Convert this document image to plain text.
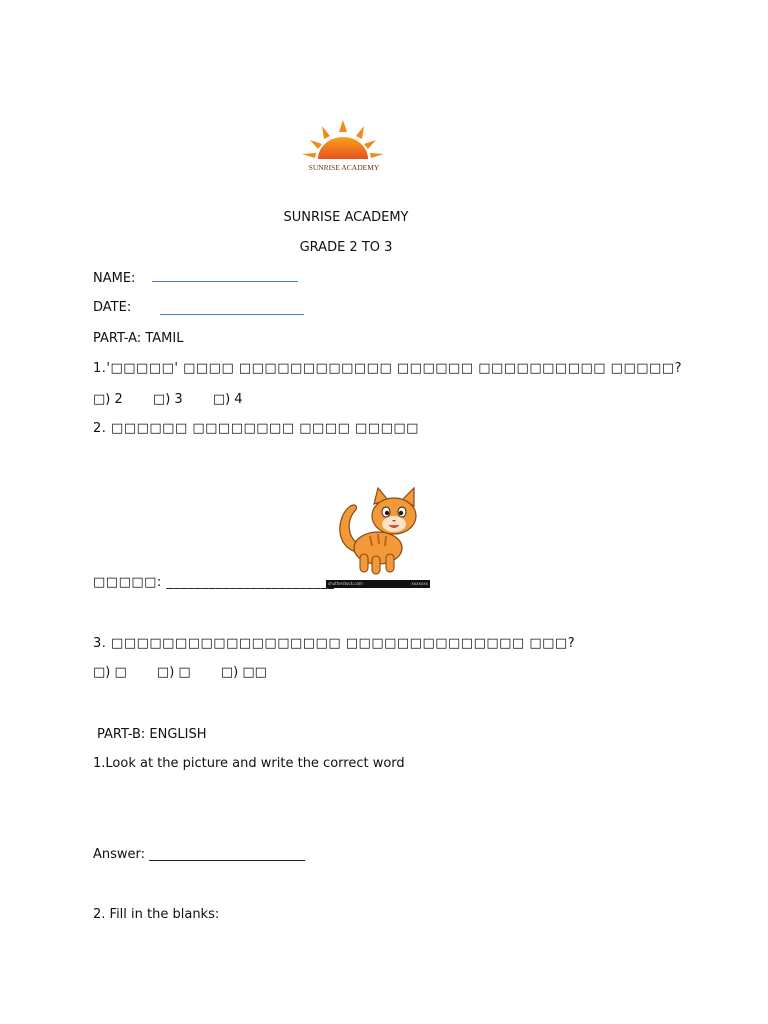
SUNRISE ACADEMY
SUNRISE ACADEMY
GRADE 2 TO 3
NAME:
DATE:
PART-A: TAMIL
1.'□□□□□' □□□□ □□□□□□□□□□□□ □□□□□□ □□□□□□□□□□ □□□□□?
□) 2 □) 3 □) 4
2. □□□□□□ □□□□□□□□ □□□□ □□□□□
shutterstock.com	xxxxxxx
□□□□□: ________________________
3. □□□□□□□□□□□□□□□□□□ □□□□□□□□□□□□□□ □□□?
□) □ □) □ □) □□
PART-B: ENGLISH
1.Look at the picture and write the correct word
Answer: ________________________
2. Fill in the blanks:
